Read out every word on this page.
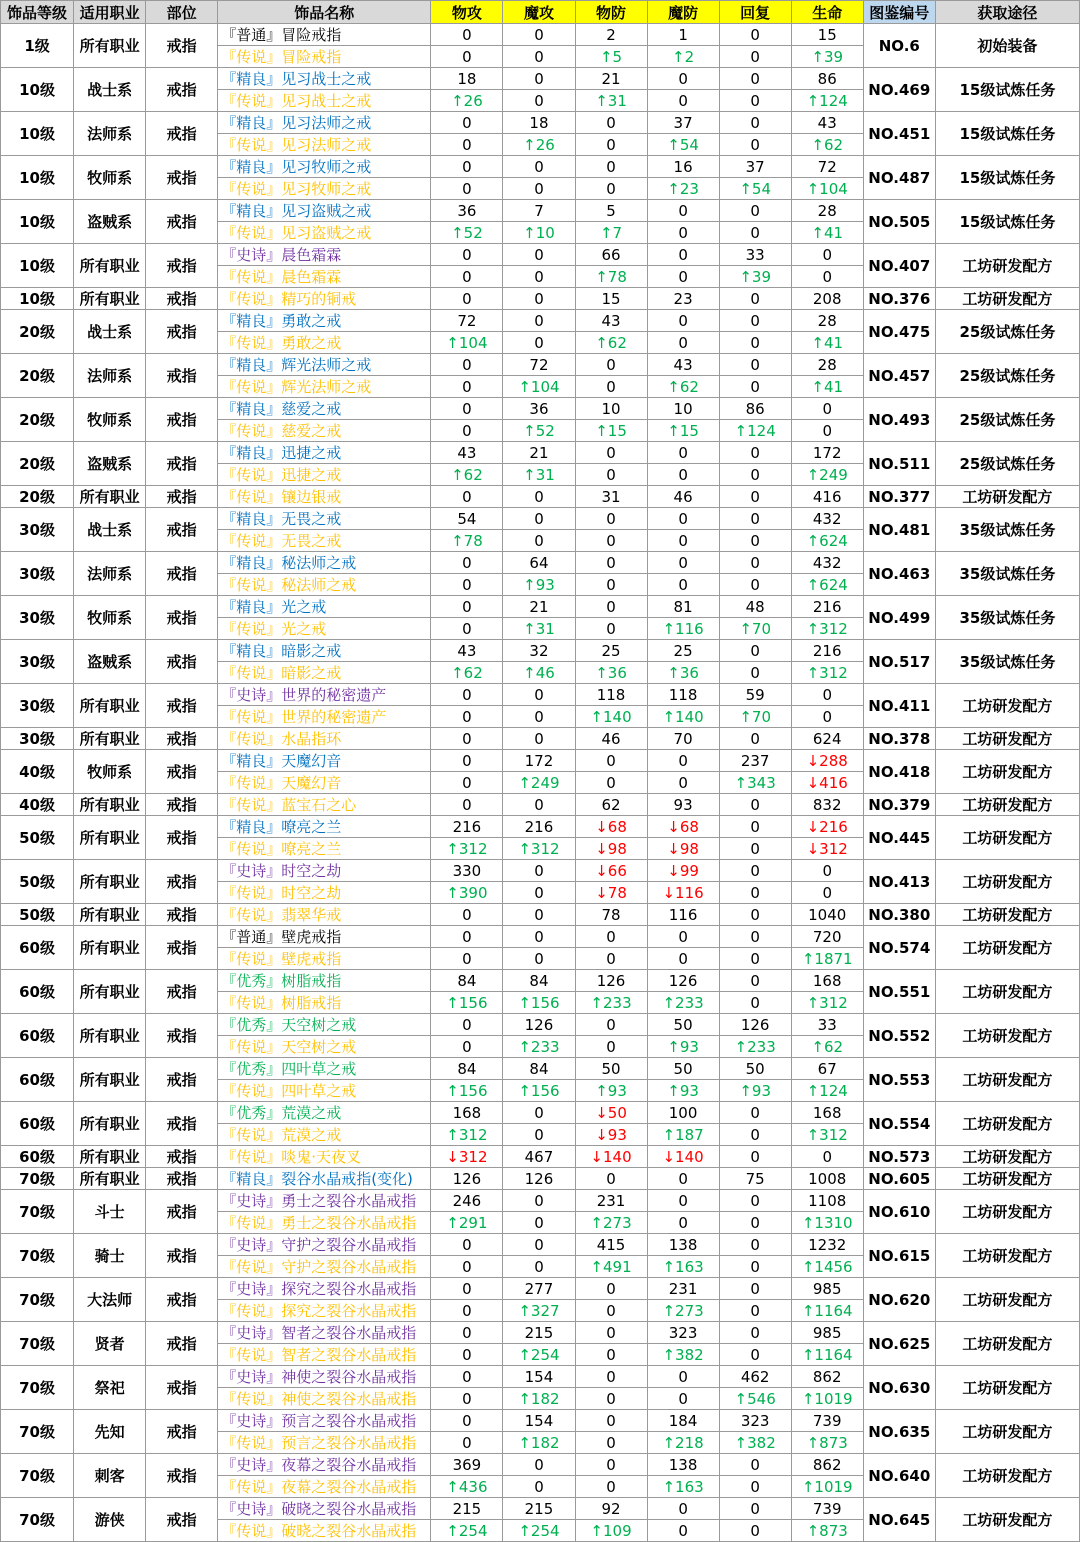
饰品等级	适用职业	部位	饰品名称	物攻	魔攻	物防	魔防	回复	生命	图鉴编号	获取途径
1级	所有职业	戒指	『普通』冒险戒指	0	0	2	1	0	15	NO.6	初始装备
			『传说』冒险戒指	0	0	↑5	↑2	0	↑39		
10级	战士系	戒指	『精良』见习战士之戒	18	0	21	0	0	86	NO.469	15级试炼任务
			『传说』见习战士之戒	↑26	0	↑31	0	0	↑124		
10级	法师系	戒指	『精良』见习法师之戒	0	18	0	37	0	43	NO.451	15级试炼任务
			『传说』见习法师之戒	0	↑26	0	↑54	0	↑62		
10级	牧师系	戒指	『精良』见习牧师之戒	0	0	0	16	37	72	NO.487	15级试炼任务
			『传说』见习牧师之戒	0	0	0	↑23	↑54	↑104		
10级	盗贼系	戒指	『精良』见习盗贼之戒	36	7	5	0	0	28	NO.505	15级试炼任务
			『传说』见习盗贼之戒	↑52	↑10	↑7	0	0	↑41		
10级	所有职业	戒指	『史诗』晨色霜霖	0	0	66	0	33	0	NO.407	工坊研发配方
			『传说』晨色霜霖	0	0	↑78	0	↑39	0		
10级	所有职业	戒指	『传说』精巧的铜戒	0	0	15	23	0	208	NO.376	工坊研发配方
20级	战士系	戒指	『精良』勇敢之戒	72	0	43	0	0	28	NO.475	25级试炼任务
			『传说』勇敢之戒	↑104	0	↑62	0	0	↑41		
20级	法师系	戒指	『精良』辉光法师之戒	0	72	0	43	0	28	NO.457	25级试炼任务
			『传说』辉光法师之戒	0	↑104	0	↑62	0	↑41		
20级	牧师系	戒指	『精良』慈爱之戒	0	36	10	10	86	0	NO.493	25级试炼任务
			『传说』慈爱之戒	0	↑52	↑15	↑15	↑124	0		
20级	盗贼系	戒指	『精良』迅捷之戒	43	21	0	0	0	172	NO.511	25级试炼任务
			『传说』迅捷之戒	↑62	↑31	0	0	0	↑249		
20级	所有职业	戒指	『传说』镶边银戒	0	0	31	46	0	416	NO.377	工坊研发配方
30级	战士系	戒指	『精良』无畏之戒	54	0	0	0	0	432	NO.481	35级试炼任务
			『传说』无畏之戒	↑78	0	0	0	0	↑624		
30级	法师系	戒指	『精良』秘法师之戒	0	64	0	0	0	432	NO.463	35级试炼任务
			『传说』秘法师之戒	0	↑93	0	0	0	↑624		
30级	牧师系	戒指	『精良』光之戒	0	21	0	81	48	216	NO.499	35级试炼任务
			『传说』光之戒	0	↑31	0	↑116	↑70	↑312		
30级	盗贼系	戒指	『精良』暗影之戒	43	32	25	25	0	216	NO.517	35级试炼任务
			『传说』暗影之戒	↑62	↑46	↑36	↑36	0	↑312		
30级	所有职业	戒指	『史诗』世界的秘密遗产	0	0	118	118	59	0	NO.411	工坊研发配方
			『传说』世界的秘密遗产	0	0	↑140	↑140	↑70	0		
30级	所有职业	戒指	『传说』水晶指环	0	0	46	70	0	624	NO.378	工坊研发配方
40级	牧师系	戒指	『精良』天魔幻音	0	172	0	0	237	↓288	NO.418	工坊研发配方
			『传说』天魔幻音	0	↑249	0	0	↑343	↓416		
40级	所有职业	戒指	『传说』蓝宝石之心	0	0	62	93	0	832	NO.379	工坊研发配方
50级	所有职业	戒指	『精良』嘹亮之兰	216	216	↓68	↓68	0	↓216	NO.445	工坊研发配方
			『传说』嘹亮之兰	↑312	↑312	↓98	↓98	0	↓312		
50级	所有职业	戒指	『史诗』时空之劫	330	0	↓66	↓99	0	0	NO.413	工坊研发配方
			『传说』时空之劫	↑390	0	↓78	↓116	0	0		
50级	所有职业	戒指	『传说』翡翠华戒	0	0	78	116	0	1040	NO.380	工坊研发配方
60级	所有职业	戒指	『普通』壁虎戒指	0	0	0	0	0	720	NO.574	工坊研发配方
			『传说』壁虎戒指	0	0	0	0	0	↑1871		
60级	所有职业	戒指	『优秀』树脂戒指	84	84	126	126	0	168	NO.551	工坊研发配方
			『传说』树脂戒指	↑156	↑156	↑233	↑233	0	↑312		
60级	所有职业	戒指	『优秀』天空树之戒	0	126	0	50	126	33	NO.552	工坊研发配方
			『传说』天空树之戒	0	↑233	0	↑93	↑233	↑62		
60级	所有职业	戒指	『优秀』四叶草之戒	84	84	50	50	50	67	NO.553	工坊研发配方
			『传说』四叶草之戒	↑156	↑156	↑93	↑93	↑93	↑124		
60级	所有职业	戒指	『优秀』荒漠之戒	168	0	↓50	100	0	168	NO.554	工坊研发配方
			『传说』荒漠之戒	↑312	0	↓93	↑187	0	↑312		
60级	所有职业	戒指	『传说』啖鬼·天夜叉	↓312	467	↓140	↓140	0	0	NO.573	工坊研发配方
70级	所有职业	戒指	『精良』裂谷水晶戒指(变化)	126	126	0	0	75	1008	NO.605	工坊研发配方
70级	斗士	戒指	『史诗』勇士之裂谷水晶戒指	246	0	231	0	0	1108	NO.610	工坊研发配方
			『传说』勇士之裂谷水晶戒指	↑291	0	↑273	0	0	↑1310		
70级	骑士	戒指	『史诗』守护之裂谷水晶戒指	0	0	415	138	0	1232	NO.615	工坊研发配方
			『传说』守护之裂谷水晶戒指	0	0	↑491	↑163	0	↑1456		
70级	大法师	戒指	『史诗』探究之裂谷水晶戒指	0	277	0	231	0	985	NO.620	工坊研发配方
			『传说』探究之裂谷水晶戒指	0	↑327	0	↑273	0	↑1164		
70级	贤者	戒指	『史诗』智者之裂谷水晶戒指	0	215	0	323	0	985	NO.625	工坊研发配方
			『传说』智者之裂谷水晶戒指	0	↑254	0	↑382	0	↑1164		
70级	祭祀	戒指	『史诗』神使之裂谷水晶戒指	0	154	0	0	462	862	NO.630	工坊研发配方
			『传说』神使之裂谷水晶戒指	0	↑182	0	0	↑546	↑1019		
70级	先知	戒指	『史诗』预言之裂谷水晶戒指	0	154	0	184	323	739	NO.635	工坊研发配方
			『传说』预言之裂谷水晶戒指	0	↑182	0	↑218	↑382	↑873		
70级	刺客	戒指	『史诗』夜幕之裂谷水晶戒指	369	0	0	138	0	862	NO.640	工坊研发配方
			『传说』夜幕之裂谷水晶戒指	↑436	0	0	↑163	0	↑1019		
70级	游侠	戒指	『史诗』破晓之裂谷水晶戒指	215	215	92	0	0	739	NO.645	工坊研发配方
			『传说』破晓之裂谷水晶戒指	↑254	↑254	↑109	0	0	↑873		
